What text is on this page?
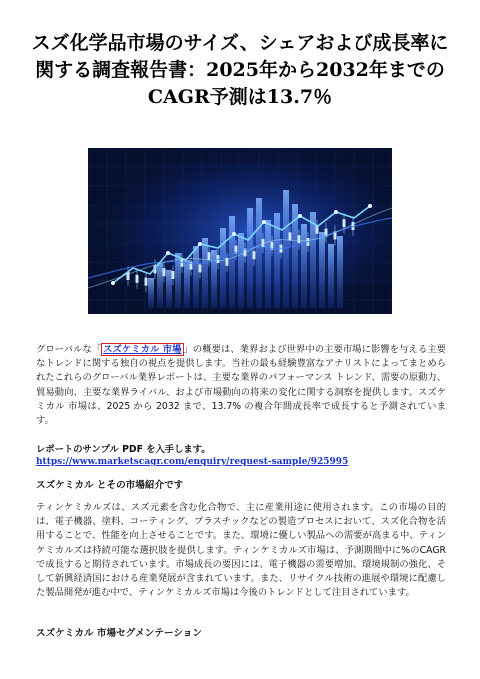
スズ化学品市場のサイズ、シェアおよび成長率に関する調査報告書：2025年から2032年までのCAGR予測は13.7％

グローバルな「 スズケミカル 市場 」の概要は、業界および世界中の主要市場に影響を与える主要なトレンドに関する独自の視点を提供します。当社の最も経験豊富なアナリストによってまとめられたこれらのグローバル業界レポートは、主要な業界のパフォーマンス トレンド、需要の原動力、貿易動向、主要な業界ライバル、および市場動向の将来の変化に関する洞察を提供します。スズケミカル 市場は、2025 から 2032 まで、13.7% の複合年間成長率で成長すると予測されています。

レポートのサンプル PDF を入手します。 https://www.marketscagr.com/enquiry/request-sample/925995

スズケミカル とその市場紹介です

ティンケミカルズは、スズ元素を含む化合物で、主に産業用途に使用されます。この市場の目的は、電子機器、塗料、コーティング、プラスチックなどの製造プロセスにおいて、スズ化合物を活用することで、性能を向上させることです。また、環境に優しい製品への需要が高まる中、ティンケミカルズは持続可能な選択肢を提供します。ティンケミカルズ市場は、予測期間中に%のCAGRで成長すると期待されています。市場成長の要因には、電子機器の需要増加、環境規制の強化、そして新興経済国における産業発展が含まれています。また、リサイクル技術の進展や環境に配慮した製品開発が進む中で、ティンケミカルズ市場は今後のトレンドとして注目されています。

スズケミカル 市場セグメンテーション
